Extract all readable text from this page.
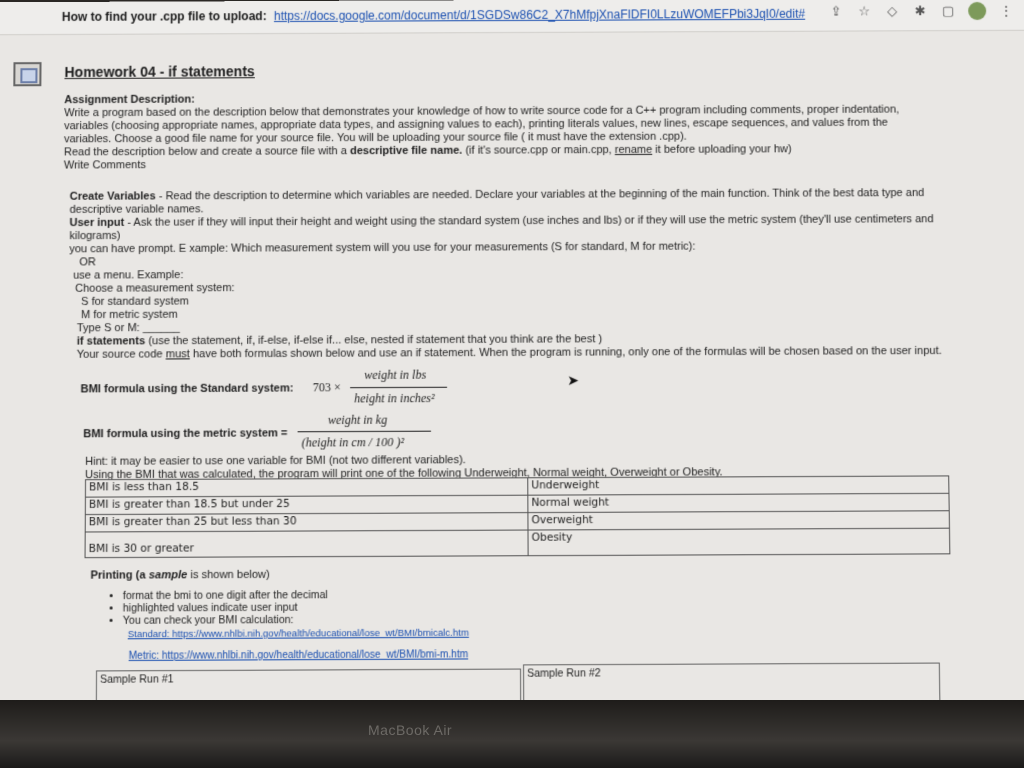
How to find your .cpp file to upload: https://docs.google.com/document/d/1SGDSw86C2_X7hMfpjXnaFIDFI0LLzuWOMEFPbi3JqI0/edit# ⇪ ☆ ◇ ✱ ▢	⋮
Homework 04 - if statements
Assignment Description:
Write a program based on the description below that demonstrates your knowledge of how to write source code for a C++ program including comments, proper indentation,
variables (choosing appropriate names, appropriate data types, and assigning values to each), printing literals values, new lines, escape sequences, and values from the
variables. Choose a good file name for your source file. You will be uploading your source file ( it must have the extension .cpp).
Read the description below and create a source file with a descriptive file name. (if it's source.cpp or main.cpp, rename it before uploading your hw)
Write Comments
Create Variables - Read the description to determine which variables are needed. Declare your variables at the beginning of the main function. Think of the best data type and
descriptive variable names.
User input - Ask the user if they will input their height and weight using the standard system (use inches and lbs) or if they will use the metric system (they'll use centimeters and
kilograms)
you can have prompt. E xample: Which measurement system will you use for your measurements (S for standard, M for metric):
OR
use a menu. Example:
Choose a measurement system:
S for standard system
M for metric system
Type S or M: ______
if statements (use the statement, if, if-else, if-else if... else, nested if statement that you think are the best )
Your source code must have both formulas shown below and use an if statement. When the program is running, only one of the formulas will be chosen based on the user input.
BMI formula using the Standard system: 703 ×
weight in lbs
height in inches²
BMI formula using the metric system =
weight in kg
(height in cm / 100 )²
Hint: it may be easier to use one variable for BMI (not two different variables).
Using the BMI that was calculated, the program will print one of the following Underweight, Normal weight, Overweight or Obesity.
BMI is less than 18.5	Underweight
BMI is greater than 18.5 but under 25	Normal weight
BMI is greater than 25 but less than 30	Overweight
BMI is 30 or greater	Obesity
Printing (a sample is shown below)
• format the bmi to one digit after the decimal
• highlighted values indicate user input
• You can check your BMI calculation:
Standard: https://www.nhlbi.nih.gov/health/educational/lose_wt/BMI/bmicalc.htm
Metric: https://www.nhlbi.nih.gov/health/educational/lose_wt/BMI/bmi-m.htm
Sample Run #1	Sample Run #2
➤
MacBook Air
